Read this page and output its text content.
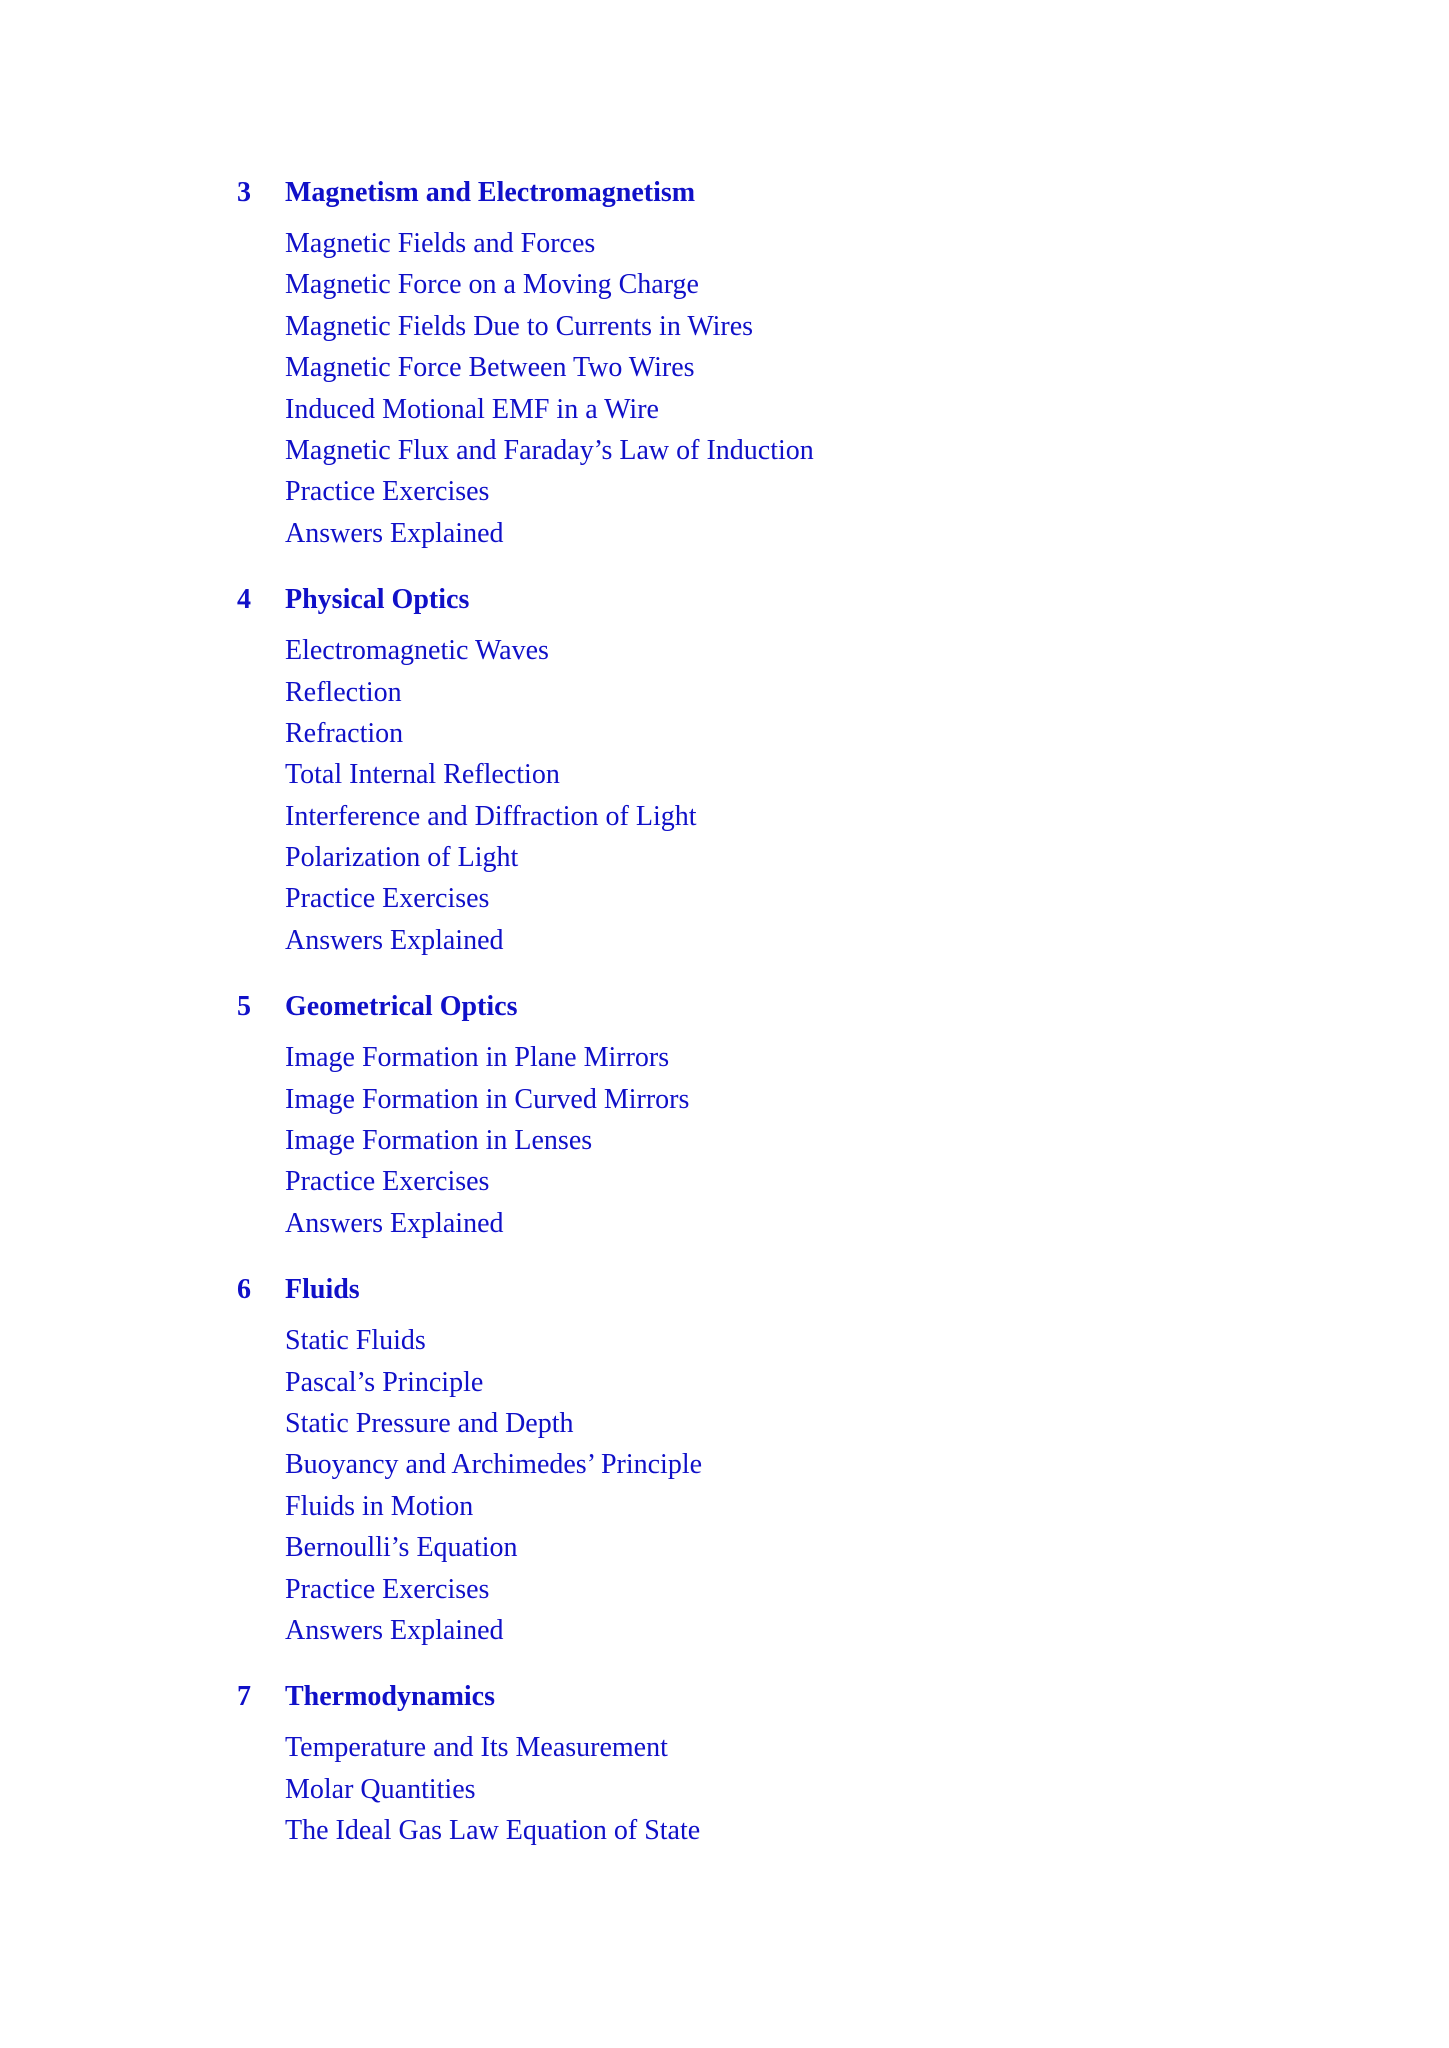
3	Magnetism and Electromagnetism
Magnetic Fields and Forces
Magnetic Force on a Moving Charge
Magnetic Fields Due to Currents in Wires
Magnetic Force Between Two Wires
Induced Motional EMF in a Wire
Magnetic Flux and Faraday’s Law of Induction
Practice Exercises
Answers Explained
4	Physical Optics
Electromagnetic Waves
Reflection
Refraction
Total Internal Reflection
Interference and Diffraction of Light
Polarization of Light
Practice Exercises
Answers Explained
5	Geometrical Optics
Image Formation in Plane Mirrors
Image Formation in Curved Mirrors
Image Formation in Lenses
Practice Exercises
Answers Explained
6	Fluids
Static Fluids
Pascal’s Principle
Static Pressure and Depth
Buoyancy and Archimedes’ Principle
Fluids in Motion
Bernoulli’s Equation
Practice Exercises
Answers Explained
7	Thermodynamics
Temperature and Its Measurement
Molar Quantities
The Ideal Gas Law Equation of State
